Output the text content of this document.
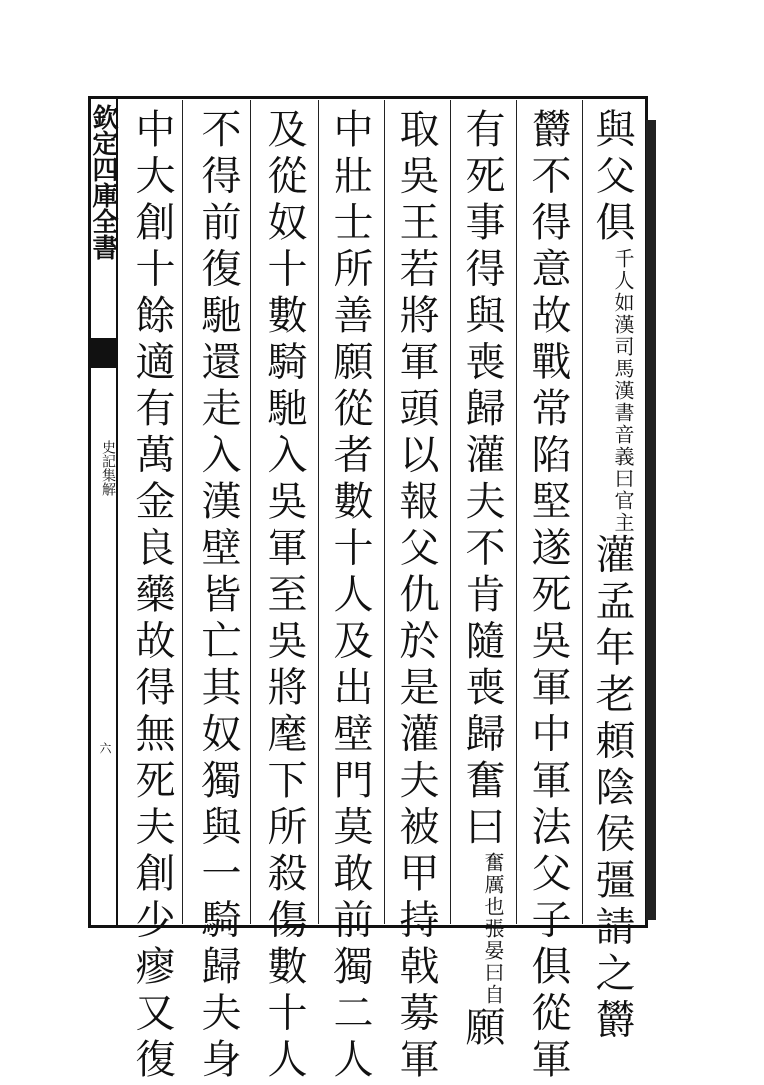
欽定四庫全書
史記集解
六
與父俱
漢書音義曰官主
千人如漢司馬
灌孟年老頼陰侯彊請之欝
欝不得意故戰常陷堅遂死吳軍中軍法父子俱從軍
有死事得與喪歸灌夫不肯隨喪歸奮曰
張晏曰自
奮厲也
願
取吳王若將軍頭以報父仇於是灌夫被甲持戟募軍
中壯士所善願從者數十人及出壁門莫敢前獨二人
及從奴十數騎馳入吳軍至吳將麾下所殺傷數十人
不得前復馳還走入漢壁皆亡其奴獨與一騎歸夫身
中大創十餘適有萬金良藥故得無死夫創少瘳又復
